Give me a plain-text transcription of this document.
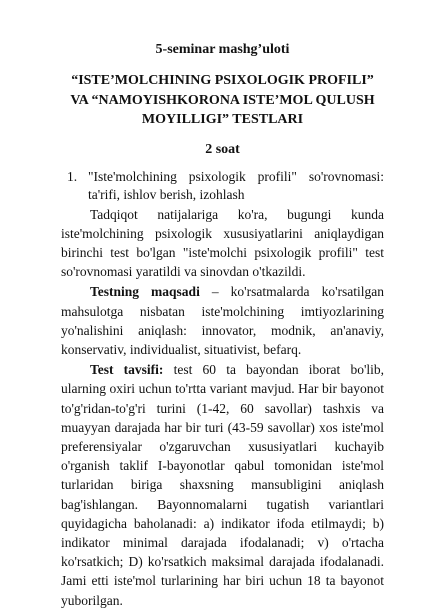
5-seminar mashg’uloti

“ISTE’MOLCHINING PSIXOLOGIK PROFILI”
VA “NAMOYISHKORONA ISTE’MOL QULUSH
MOYILLIGI” TESTLARI

2 soat

1. "Iste'molchining psixologik profili" so'rovnomasi: ta'rifi, ishlov berish, izohlash

Tadqiqot natijalariga ko'ra, bugungi kunda iste'molchining psixologik xususiyatlarini aniqlaydigan birinchi test bo'lgan "iste'molchi psixologik profili" test so'rovnomasi yaratildi va sinovdan o'tkazildi.

Testning maqsadi – ko'rsatmalarda ko'rsatilgan mahsulotga nisbatan iste'molchining imtiyozlarining yo'nalishini aniqlash: innovator, modnik, an'anaviy, konservativ, individualist, situativist, befarq.

Test tavsifi: test 60 ta bayondan iborat bo'lib, ularning oxiri uchun to'rtta variant mavjud. Har bir bayonot to'g'ridan-to'g'ri turini (1-42, 60 savollar) tashxis va muayyan darajada har bir turi (43-59 savollar) xos iste'mol preferensiyalar o'zgaruvchan xususiyatlari kuchayib o'rganish taklif I-bayonotlar qabul tomonidan iste'mol turlaridan biriga shaxsning mansubligini aniqlash bag'ishlangan. Bayonnomalarni tugatish variantlari quyidagicha baholanadi: a) indikator ifoda etilmaydi; b) indikator minimal darajada ifodalanadi; v) o'rtacha ko'rsatkich; D) ko'rsatkich maksimal darajada ifodalanadi. Jami etti iste'mol turlarining har biri uchun 18 ta bayonot yuborilgan.
